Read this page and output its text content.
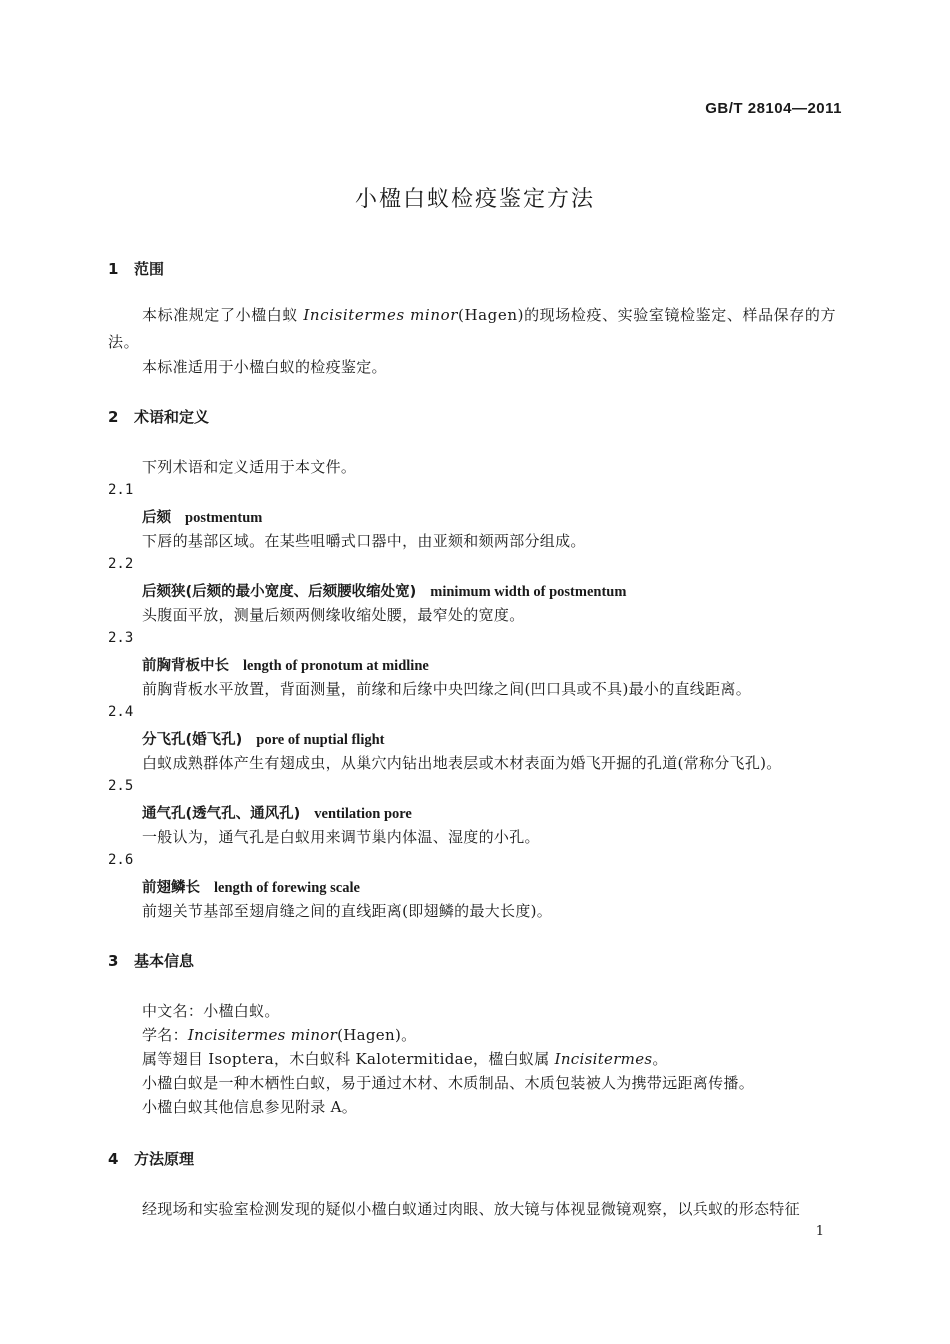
GB/T 28104—2011
小楹白蚁检疫鉴定方法
1 范围
本标准规定了小楹白蚁 Incisitermes minor(Hagen)的现场检疫、实验室镜检鉴定、样品保存的方法。
本标准适用于小楹白蚁的检疫鉴定。
2 术语和定义
下列术语和定义适用于本文件。
2.1
后颏 postmentum
下唇的基部区域。在某些咀嚼式口器中，由亚颏和颏两部分组成。
2.2
后颏狭(后颏的最小宽度、后颏腰收缩处宽) minimum width of postmentum
头腹面平放，测量后颏两侧缘收缩处腰，最窄处的宽度。
2.3
前胸背板中长 length of pronotum at midline
前胸背板水平放置，背面测量，前缘和后缘中央凹缘之间(凹口具或不具)最小的直线距离。
2.4
分飞孔(婚飞孔) pore of nuptial flight
白蚁成熟群体产生有翅成虫，从巢穴内钻出地表层或木材表面为婚飞开掘的孔道(常称分飞孔)。
2.5
通气孔(透气孔、通风孔) ventilation pore
一般认为，通气孔是白蚁用来调节巢内体温、湿度的小孔。
2.6
前翅鳞长 length of forewing scale
前翅关节基部至翅肩缝之间的直线距离(即翅鳞的最大长度)。
3 基本信息
中文名：小楹白蚁。
学名：Incisitermes minor(Hagen)。
属等翅目 Isoptera，木白蚁科 Kalotermitidae，楹白蚁属 Incisitermes。
小楹白蚁是一种木栖性白蚁，易于通过木材、木质制品、木质包装被人为携带远距离传播。
小楹白蚁其他信息参见附录 A。
4 方法原理
经现场和实验室检测发现的疑似小楹白蚁通过肉眼、放大镜与体视显微镜观察，以兵蚁的形态特征
1
